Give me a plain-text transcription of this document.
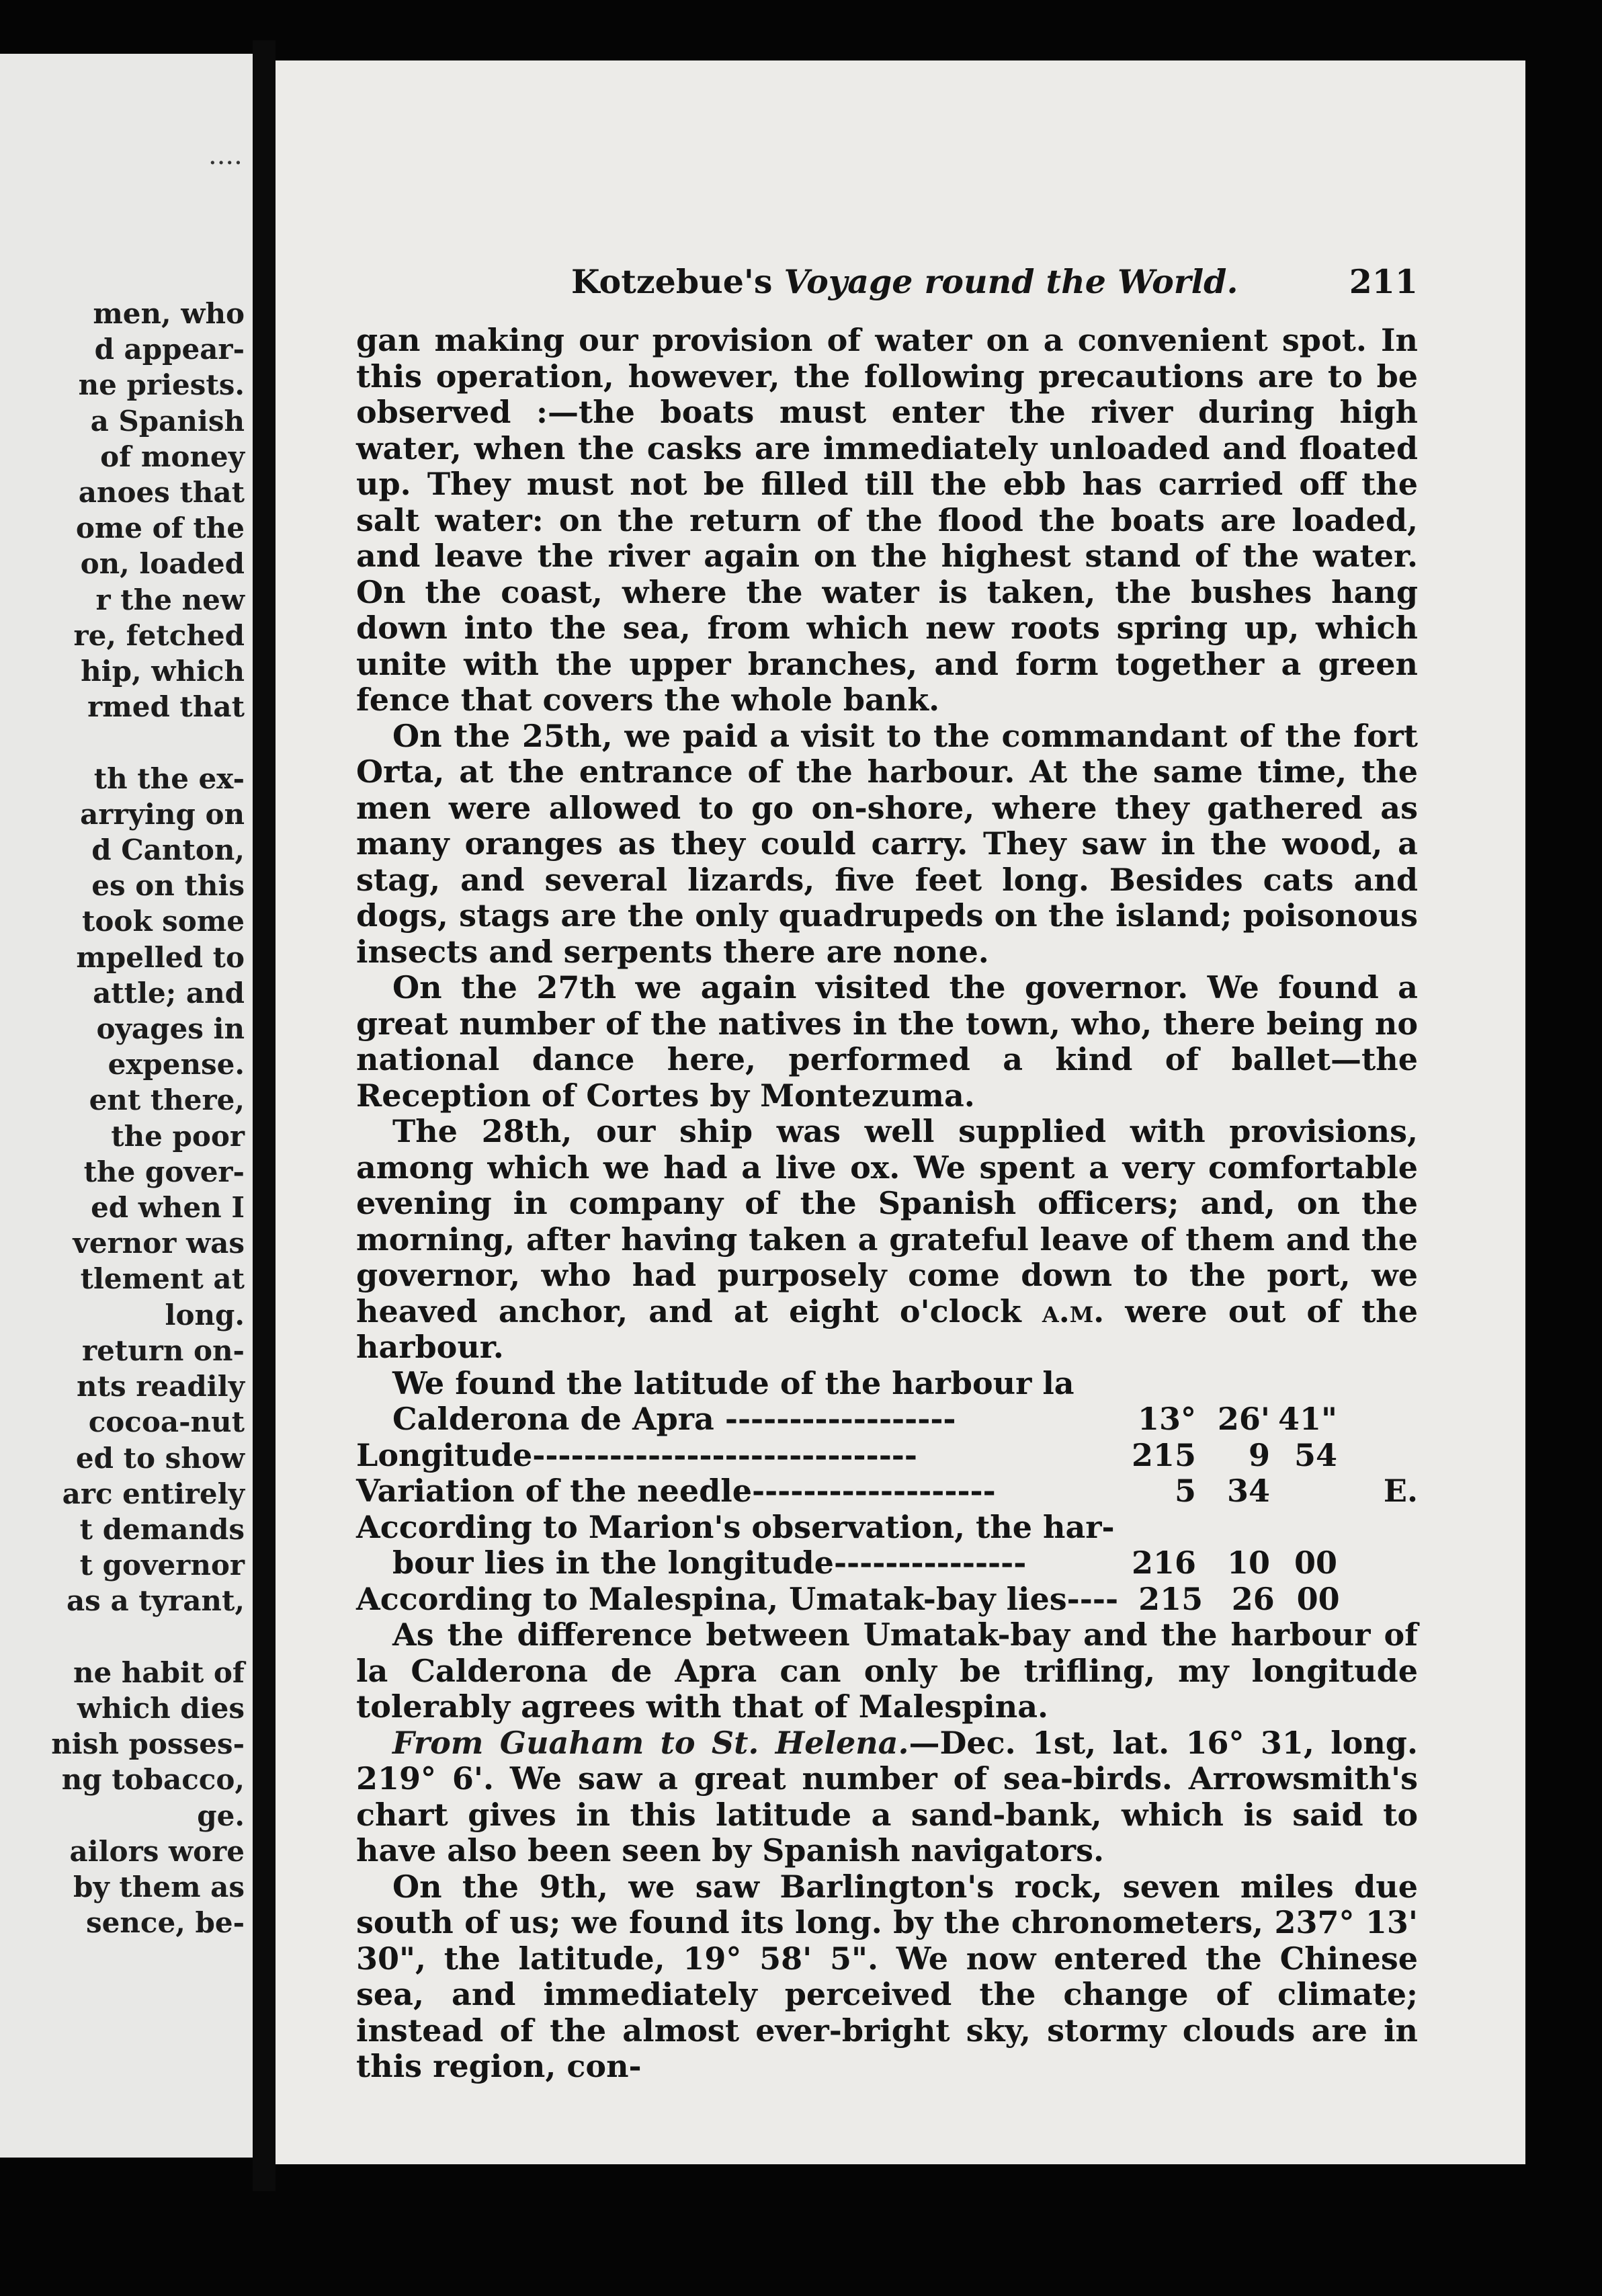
men, who
d appear-
ne priests.
a Spanish
of money
anoes that
ome of the
on, loaded
r the new
re, fetched
hip, which
rmed that

th the ex-
arrying on
d Canton,
es on this
took some
mpelled to
attle; and
oyages in
expense.
ent there,
the poor
the gover-
ed when I
vernor was
tlement at
long.
return on-
nts readily
cocoa-nut
ed to show
arc entirely
t demands
t governor
as a tyrant,

ne habit of
which dies
nish posses-
ng tobacco,
ge.
ailors wore
by them as
sence, be-
····
Kotzebue's Voyage round the World.	211

gan making our provision of water on a convenient spot. In this operation, however, the following precautions are to be observed :—the boats must enter the river during high water, when the casks are immediately unloaded and floated up. They must not be filled till the ebb has carried off the salt water: on the return of the flood the boats are loaded, and leave the river again on the highest stand of the water. On the coast, where the water is taken, the bushes hang down into the sea, from which new roots spring up, which unite with the upper branches, and form together a green fence that covers the whole bank.

On the 25th, we paid a visit to the commandant of the fort Orta, at the entrance of the harbour. At the same time, the men were allowed to go on-shore, where they gathered as many oranges as they could carry. They saw in the wood, a stag, and several lizards, five feet long. Besides cats and dogs, stags are the only quadrupeds on the island; poisonous insects and serpents there are none.

On the 27th we again visited the governor. We found a great number of the natives in the town, who, there being no national dance here, performed a kind of ballet—the Reception of Cortes by Montezuma.

The 28th, our ship was well supplied with provisions, among which we had a live ox. We spent a very comfortable evening in company of the Spanish officers; and, on the morning, after having taken a grateful leave of them and the governor, who had purposely come down to the port, we heaved anchor, and at eight o'clock a.m. were out of the harbour.

We found the latitude of the harbour la

Calderona de Apra ------------------	13° 26' 41"
Longitude------------------------------	215	9 54
Variation of the needle-------------------	5 34	E.
According to Marion's observation, the har-
bour lies in the longitude---------------	216 10 00
According to Malespina, Umatak-bay lies---- 215 26 00

As the difference between Umatak-bay and the harbour of la Calderona de Apra can only be trifling, my longitude tolerably agrees with that of Malespina.

From Guaham to St. Helena.—Dec. 1st, lat. 16° 31, long. 219° 6'. We saw a great number of sea-birds. Arrowsmith's chart gives in this latitude a sand-bank, which is said to have also been seen by Spanish navigators.

On the 9th, we saw Barlington's rock, seven miles due south of us; we found its long. by the chronometers, 237° 13' 30", the latitude, 19° 58' 5". We now entered the Chinese sea, and immediately perceived the change of climate; instead of the almost ever-bright sky, stormy clouds are in this region, con-
